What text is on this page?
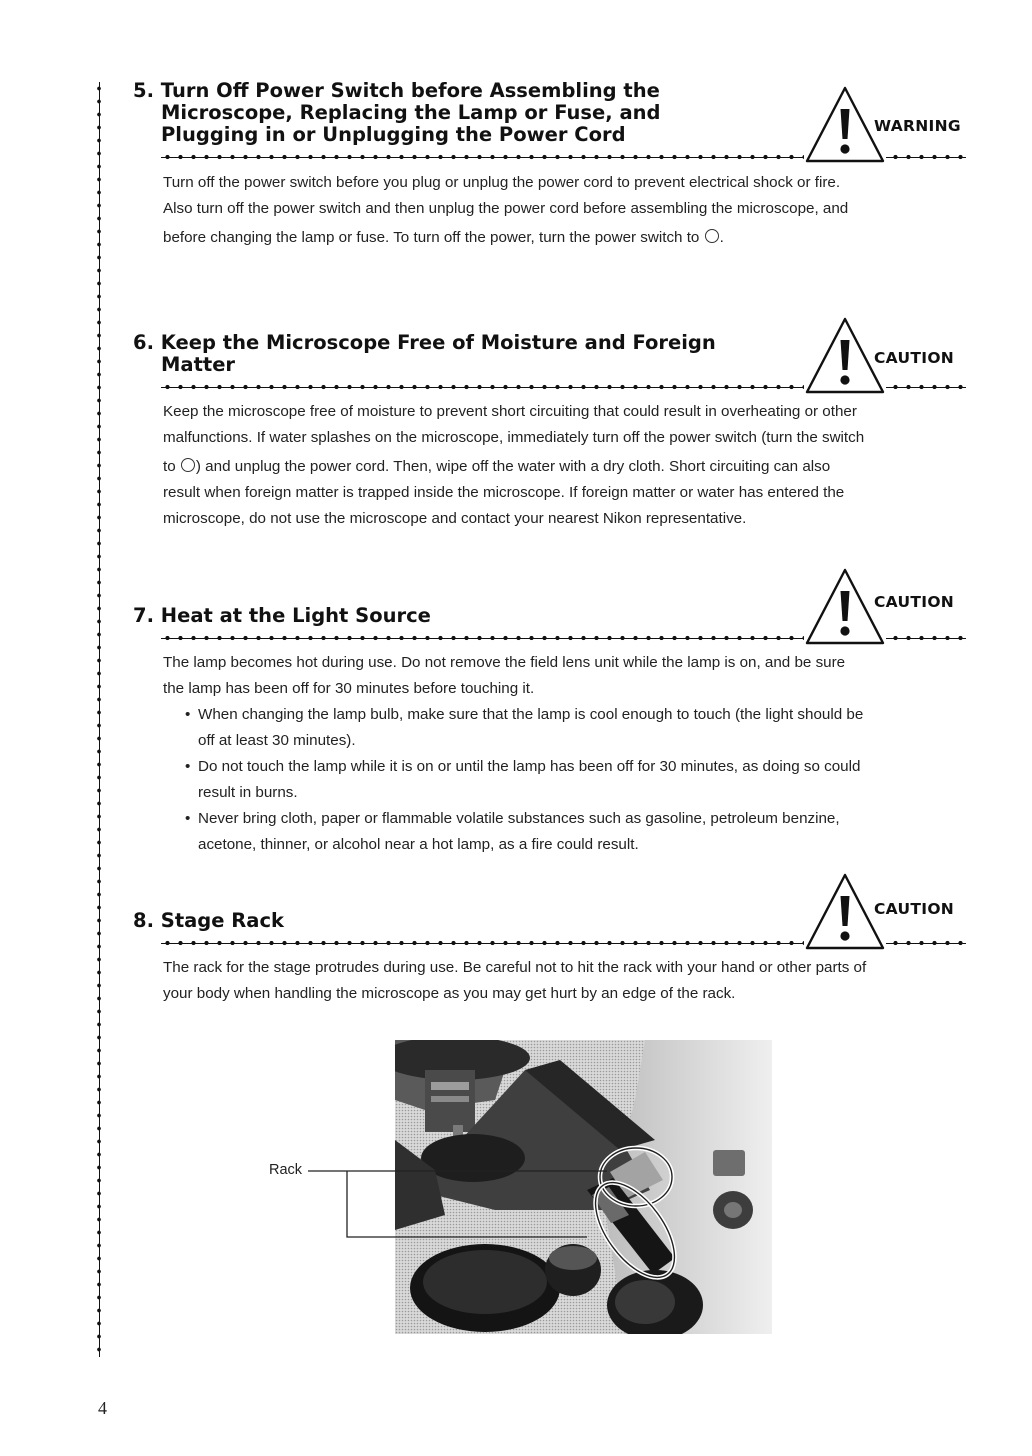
5. Turn Off Power Switch before Assembling the
Microscope, Replacing the Lamp or Fuse, and
Plugging in or Unplugging the Power Cord	WARNING

Turn off the power switch before you plug or unplug the power cord to prevent electrical shock or fire.
Also turn off the power switch and then unplug the power cord before assembling the microscope, and
before changing the lamp or fuse. To turn off the power, turn the power switch to .

6. Keep the Microscope Free of Moisture and Foreign
Matter	CAUTION

Keep the microscope free of moisture to prevent short circuiting that could result in overheating or other
malfunctions. If water splashes on the microscope, immediately turn off the power switch (turn the switch
to ) and unplug the power cord. Then, wipe off the water with a dry cloth. Short circuiting can also
result when foreign matter is trapped inside the microscope. If foreign matter or water has entered the
microscope, do not use the microscope and contact your nearest Nikon representative.

7. Heat at the Light Source
CAUTION

The lamp becomes hot during use. Do not remove the field lens unit while the lamp is on, and be sure
the lamp has been off for 30 minutes before touching it.

• When changing the lamp bulb, make sure that the lamp is cool enough to touch (the light should be
off at least 30 minutes).
• Do not touch the lamp while it is on or until the lamp has been off for 30 minutes, as doing so could
result in burns.
• Never bring cloth, paper or flammable volatile substances such as gasoline, petroleum benzine,
acetone, thinner, or alcohol near a hot lamp, as a fire could result.
8. Stage Rack	CAUTION

The rack for the stage protrudes during use. Be careful not to hit the rack with your hand or other parts of
your body when handling the microscope as you may get hurt by an edge of the rack.

Rack
4
